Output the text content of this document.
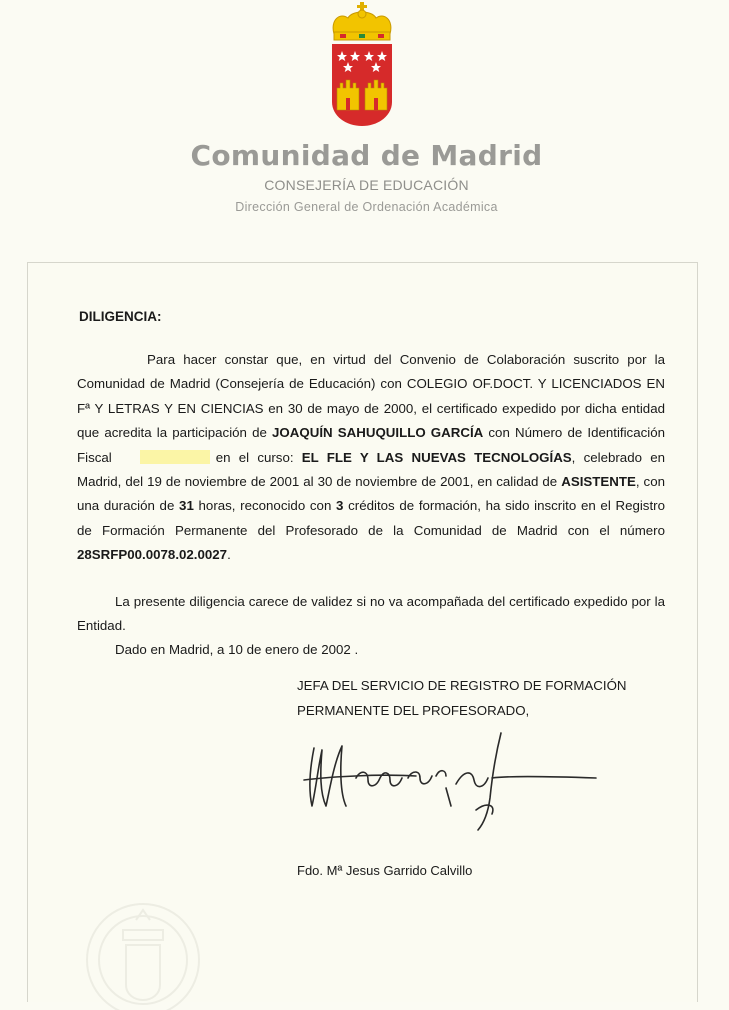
Comunidad de Madrid
CONSEJERÍA DE EDUCACIÓN
Dirección General de Ordenación Académica
DILIGENCIA:

Para hacer constar que, en virtud del Convenio de Colaboración suscrito por la Comunidad de Madrid (Consejería de Educación) con COLEGIO OF.DOCT. Y LICENCIADOS EN Fª Y LETRAS Y EN CIENCIAS en 30 de mayo de 2000, el certificado expedido por dicha entidad que acredita la participación de JOAQUÍN SAHUQUILLO GARCÍA con Número de Identificación Fiscal	en el curso: EL FLE Y LAS NUEVAS TECNOLOGÍAS, celebrado en Madrid, del 19 de noviembre de 2001 al 30 de noviembre de 2001, en calidad de ASISTENTE, con una duración de 31 horas, reconocido con 3 créditos de formación, ha sido inscrito en el Registro de Formación Permanente del Profesorado de la Comunidad de Madrid con el número 28SRFP00.0078.02.0027.

La presente diligencia carece de validez si no va acompañada del certificado expedido por la Entidad.

Dado en Madrid, a 10 de enero de 2002 .

JEFA DEL SERVICIO DE REGISTRO DE FORMACIÓN
PERMANENTE DEL PROFESORADO,
Fdo. Mª Jesus Garrido Calvillo
